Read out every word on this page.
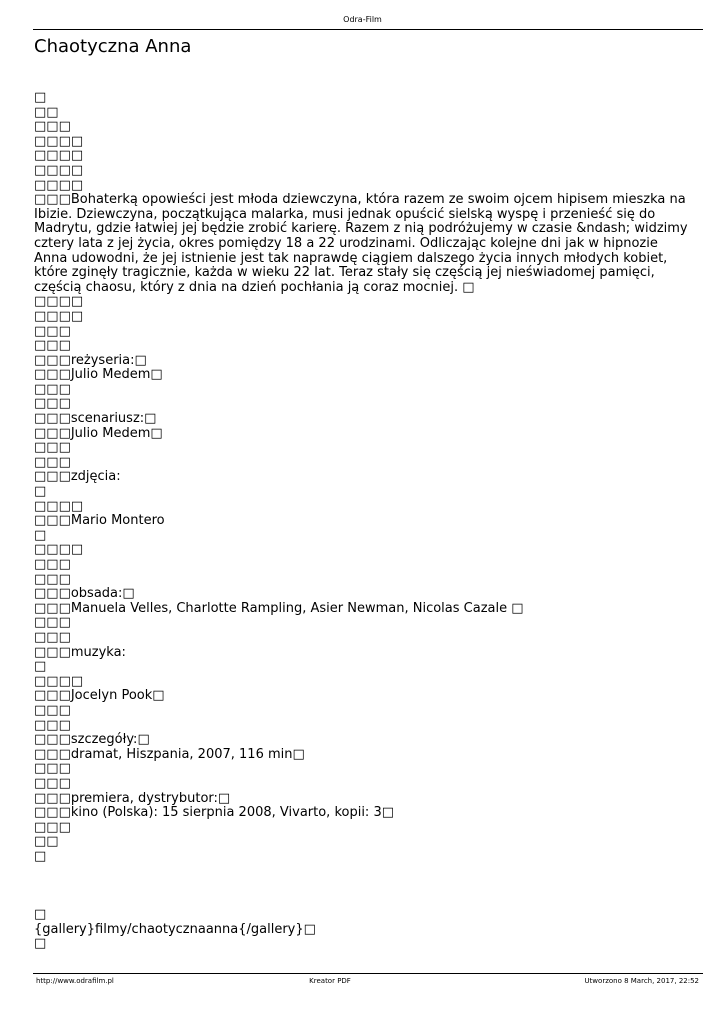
Odra-Film
Chaotyczna Anna
□
□□
□□□
□□□□
□□□□
□□□□
□□□□
□□□Bohaterką opowieści jest młoda dziewczyna, która razem ze swoim ojcem hipisem mieszka na Ibizie. Dziewczyna, początkująca malarka, musi jednak opuścić sielską wyspę i przenieść się do Madrytu, gdzie łatwiej jej będzie zrobić karierę. Razem z nią podróżujemy w czasie &ndash; widzimy cztery lata z jej życia, okres pomiędzy 18 a 22 urodzinami. Odliczając kolejne dni jak w hipnozie Anna udowodni, że jej istnienie jest tak naprawdę ciągiem dalszego życia innych młodych kobiet, które zginęły tragicznie, każda w wieku 22 lat. Teraz stały się częścią jej nieświadomej pamięci, częścią chaosu, który z dnia na dzień pochłania ją coraz mocniej. □
□□□□
□□□□
□□□
□□□
□□□reżyseria:□
□□□Julio Medem□
□□□
□□□
□□□scenariusz:□
□□□Julio Medem□
□□□
□□□
□□□zdjęcia:
□
□□□□
□□□Mario Montero
□
□□□□
□□□
□□□
□□□obsada:□
□□□Manuela Velles, Charlotte Rampling, Asier Newman, Nicolas Cazale □
□□□
□□□
□□□muzyka:
□
□□□□
□□□Jocelyn Pook□
□□□
□□□
□□□szczegóły:□
□□□dramat, Hiszpania, 2007, 116 min□
□□□
□□□
□□□premiera, dystrybutor:□
□□□kino (Polska): 15 sierpnia 2008, Vivarto, kopii: 3□
□□□
□□
□

□
{gallery}filmy/chaotycznaanna{/gallery}□
□
http://www.odrafilm.pl	Kreator PDF	Utworzono 8 March, 2017, 22:52
